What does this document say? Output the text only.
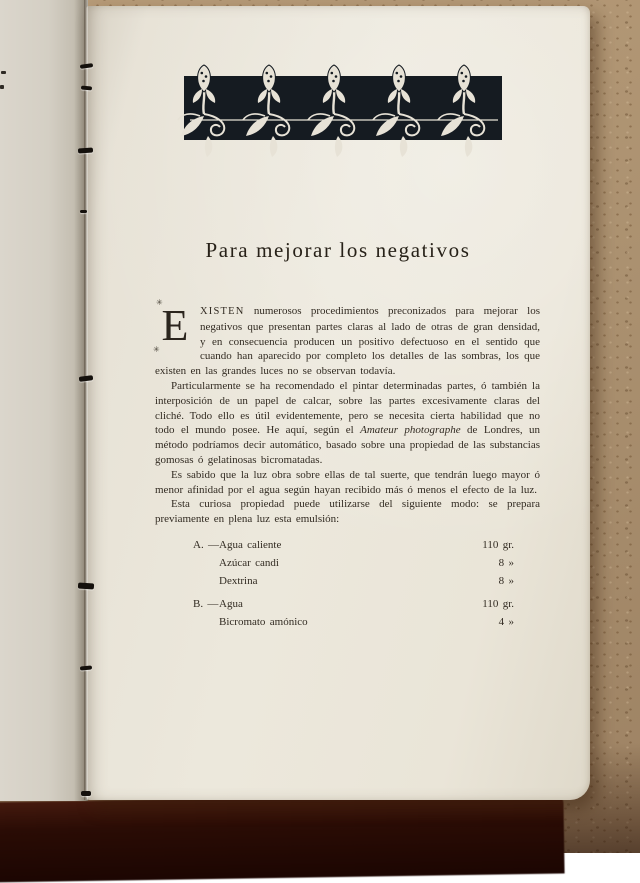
Para mejorar los negativos

✳
E
✳
XISTEN numerosos procedimientos preconizados para mejorar los negativos que presentan partes claras al lado de otras de gran densidad, y en consecuencia producen un positivo defectuoso en el sentido que cuando han aparecido por completo los detalles de las sombras, los que existen en las grandes luces no se observan todavía.

Particularmente se ha recomendado el pintar determinadas partes, ó también la interposición de un papel de calcar, sobre las partes excesivamente claras del cliché. Todo ello es útil evidentemente, pero se necesita cierta habilidad que no todo el mundo posee. He aquí, según el Amateur photographe de Londres, un método podríamos decir automático, basado sobre una propiedad de las substancias gomosas ó gelatinosas bicromatadas.

Es sabido que la luz obra sobre ellas de tal suerte, que tendrán luego mayor ó menor afinidad por el agua según hayan recibido más ó menos el efecto de la luz.

Esta curiosa propiedad puede utilizarse del siguiente modo: se prepara previamente en plena luz esta emulsión:

A. — Agua caliente	110 gr.
Azúcar candi	8 »
Dextrina	8 »
B. — Agua	110 gr.
Bicromato amónico	4 »
